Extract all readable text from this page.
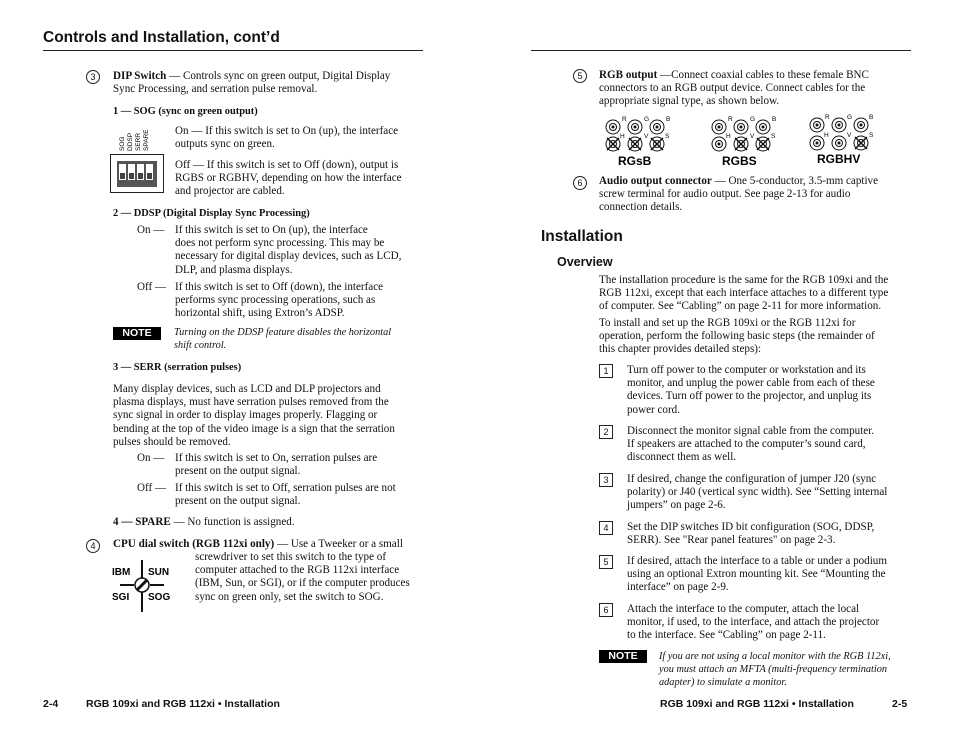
Controls and Installation, cont’d
3	DIP Switch — Controls sync on green output, Digital Display
Sync Processing, and serration pulse removal.
1 — SOG (sync on green output)
SOG DDSP SERR SPARE On — If this switch is set to On (up), the interface
outputs sync on green.
Off — If this switch is set to Off (down), output is
RGBS or RGBHV, depending on how the interface
and projector are cabled.
2 — DDSP (Digital Display Sync Processing)
On — If this switch is set to On (up), the interface
does not perform sync processing. This may be
necessary for digital display devices, such as LCD,
DLP, and plasma displays.
Off — If this switch is set to Off (down), the interface
performs sync processing operations, such as
horizontal shift, using Extron’s ADSP.
NOTE	Turning on the DDSP feature disables the horizontal
shift control.
3 — SERR (serration pulses)
Many display devices, such as LCD and DLP projectors and
plasma displays, must have serration pulses removed from the
sync signal in order to display images properly. Flagging or
bending at the top of the video image is a sign that the serration
pulses should be removed.
On — If this switch is set to On, serration pulses are
present on the output signal.
Off — If this switch is set to Off, serration pulses are not
present on the output signal.
4 — SPARE — No function is assigned.
4	CPU dial switch (RGB 112xi only) — Use a Tweeker or a small
screwdriver to set this switch to the type of
computer attached to the RGB 112xi interface
(IBM, Sun, or SGI), or if the computer produces
sync on green only, set the switch to SOG.
IBM SUN
SGI SOG
2-4	RGB 109xi and RGB 112xi • Installation
5	RGB output —Connect coaxial cables to these female BNC
connectors to an RGB output device. Connect cables for the
appropriate signal type, as shown below.
R	G	B
H	V	S
RGsB
R	G	B
H	V	S
RGBS
R	G	B
H	V	S
RGBHV
6	Audio output connector — One 5-conductor, 3.5-mm captive
screw terminal for audio output. See page 2-13 for audio
connection details.
Installation
Overview
The installation procedure is the same for the RGB 109xi and the
RGB 112xi, except that each interface attaches to a different type
of computer. See “Cabling” on page 2-11 for more information.
To install and set up the RGB 109xi or the RGB 112xi for
operation, perform the following basic steps (the remainder of
this chapter provides detailed steps):
1	Turn off power to the computer or workstation and its
monitor, and unplug the power cable from each of these
devices. Turn off power to the projector, and unplug its
power cord.
2	Disconnect the monitor signal cable from the computer.
If speakers are attached to the computer’s sound card,
disconnect them as well.
3	If desired, change the configuration of jumper J20 (sync
polarity) or J40 (vertical sync width). See “Setting internal
jumpers” on page 2-6.
4	Set the DIP switches ID bit configuration (SOG, DDSP,
SERR). See "Rear panel features" on page 2-3.
5	If desired, attach the interface to a table or under a podium
using an optional Extron mounting kit. See “Mounting the
interface” on page 2-9.
6	Attach the interface to the computer, attach the local
monitor, if used, to the interface, and attach the projector
to the interface. See “Cabling” on page 2-11.
NOTE	If you are not using a local monitor with the RGB 112xi,
you must attach an MFTA (multi-frequency termination
adapter) to simulate a monitor.
RGB 109xi and RGB 112xi • Installation	2-5
